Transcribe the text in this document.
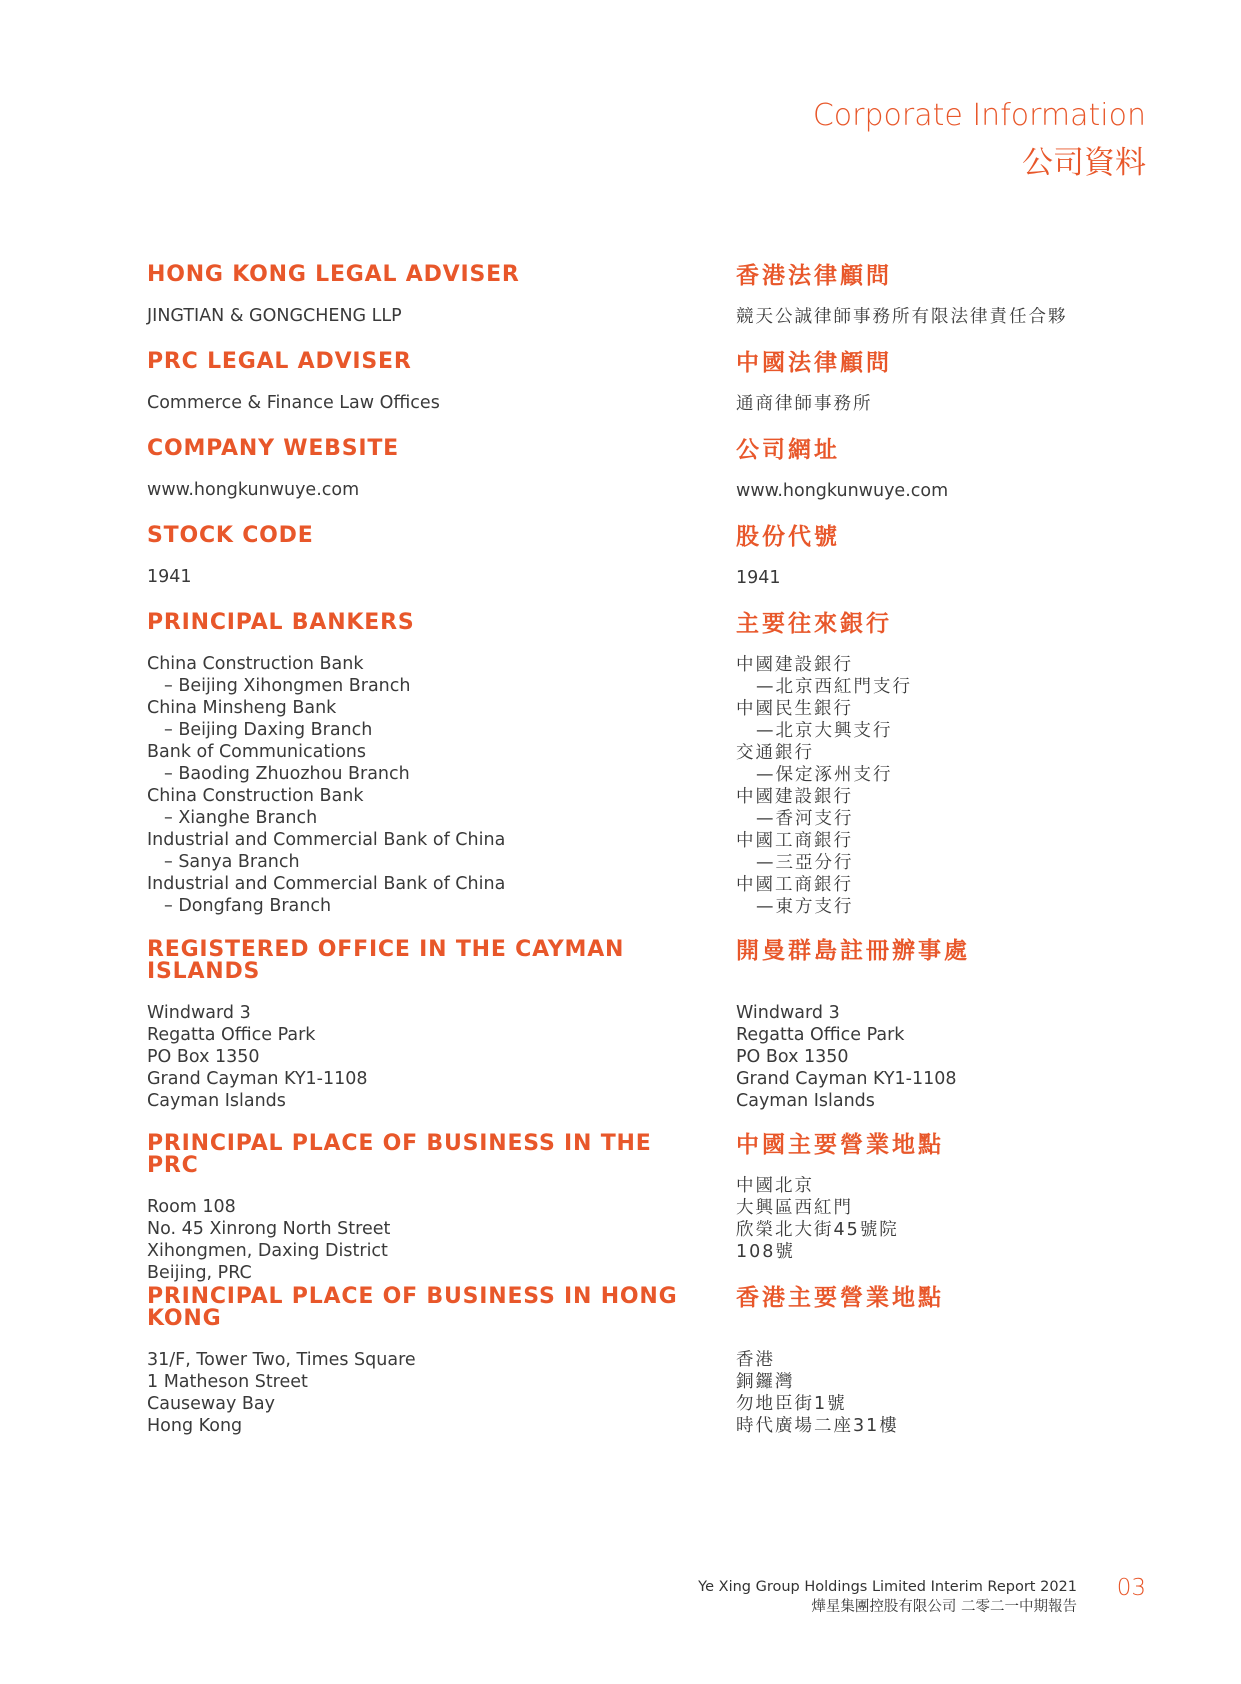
Corporate Information
公司資料
HONG KONG LEGAL ADVISER
JINGTIAN & GONGCHENG LLP
PRC LEGAL ADVISER
Commerce & Finance Law Offices
COMPANY WEBSITE
www.hongkunwuye.com
STOCK CODE
1941
PRINCIPAL BANKERS
China Construction Bank
– Beijing Xihongmen Branch
China Minsheng Bank
– Beijing Daxing Branch
Bank of Communications
– Baoding Zhuozhou Branch
China Construction Bank
– Xianghe Branch
Industrial and Commercial Bank of China
– Sanya Branch
Industrial and Commercial Bank of China
– Dongfang Branch
REGISTERED OFFICE IN THE CAYMAN
ISLANDS
Windward 3
Regatta Office Park
PO Box 1350
Grand Cayman KY1-1108
Cayman Islands
PRINCIPAL PLACE OF BUSINESS IN THE PRC
Room 108
No. 45 Xinrong North Street
Xihongmen, Daxing District
Beijing, PRC
PRINCIPAL PLACE OF BUSINESS IN HONG
KONG
31/F, Tower Two, Times Square
1 Matheson Street
Causeway Bay
Hong Kong
香港法律顧問
競天公誠律師事務所有限法律責任合夥
中國法律顧問
通商律師事務所
公司網址
www.hongkunwuye.com
股份代號
1941
主要往來銀行
中國建設銀行
—北京西紅門支行
中國民生銀行
—北京大興支行
交通銀行
—保定涿州支行
中國建設銀行
—香河支行
中國工商銀行
—三亞分行
中國工商銀行
—東方支行
開曼群島註冊辦事處
Windward 3
Regatta Office Park
PO Box 1350
Grand Cayman KY1-1108
Cayman Islands
中國主要營業地點
中國北京
大興區西紅門
欣榮北大街45號院
108號
香港主要營業地點
香港
銅鑼灣
勿地臣街1號
時代廣場二座31樓
Ye Xing Group Holdings Limited Interim Report 2021
燁星集團控股有限公司 二零二一中期報告
03
